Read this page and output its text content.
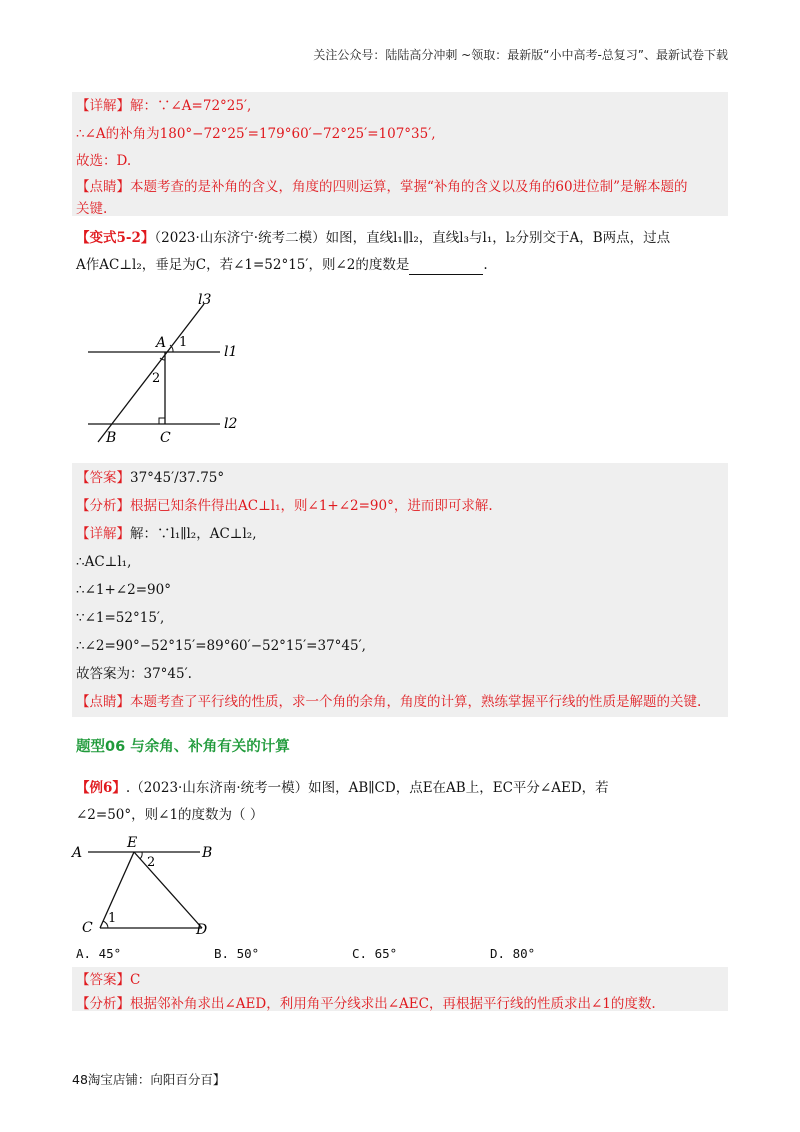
关注公众号：陆陆高分冲刺 ~领取：最新版“小中高考-总复习”、最新试卷下载
【详解】解：∵∠A=72°25′,
∴∠A的补角为180°−72°25′=179°60′−72°25′=107°35′,
故选：D.
【点睛】本题考查的是补角的含义，角度的四则运算，掌握“补角的含义以及角的60进位制”是解本题的
关键.
【变式5-2】（2023·山东济宁·统考二模）如图，直线l₁∥l₂，直线l₃与l₁，l₂分别交于A，B两点，过点
A作AC⊥l₂，垂足为C，若∠1=52°15′，则∠2的度数是	.
l3
A 1
l1
2
B	C
l2
【答案】37°45′/37.75°
【分析】根据已知条件得出AC⊥l₁，则∠1+∠2=90°，进而即可求解.
【详解】解：∵l₁∥l₂，AC⊥l₂,
∴AC⊥l₁,
∴∠1+∠2=90°
∵∠1=52°15′,
∴∠2=90°−52°15′=89°60′−52°15′=37°45′,
故答案为：37°45′.
【点睛】本题考查了平行线的性质，求一个角的余角，角度的计算，熟练掌握平行线的性质是解题的关键.
题型06 与余角、补角有关的计算
【例6】.（2023·山东济南·统考一模）如图，AB∥CD，点E在AB上，EC平分∠AED，若
∠2=50°，则∠1的度数为（ ）
A
E
2
B
C
1
D
A. 45°	B. 50°	C. 65°	D. 80°
【答案】C
【分析】根据邻补角求出∠AED，利用角平分线求出∠AEC，再根据平行线的性质求出∠1的度数.
48淘宝店铺：向阳百分百】
